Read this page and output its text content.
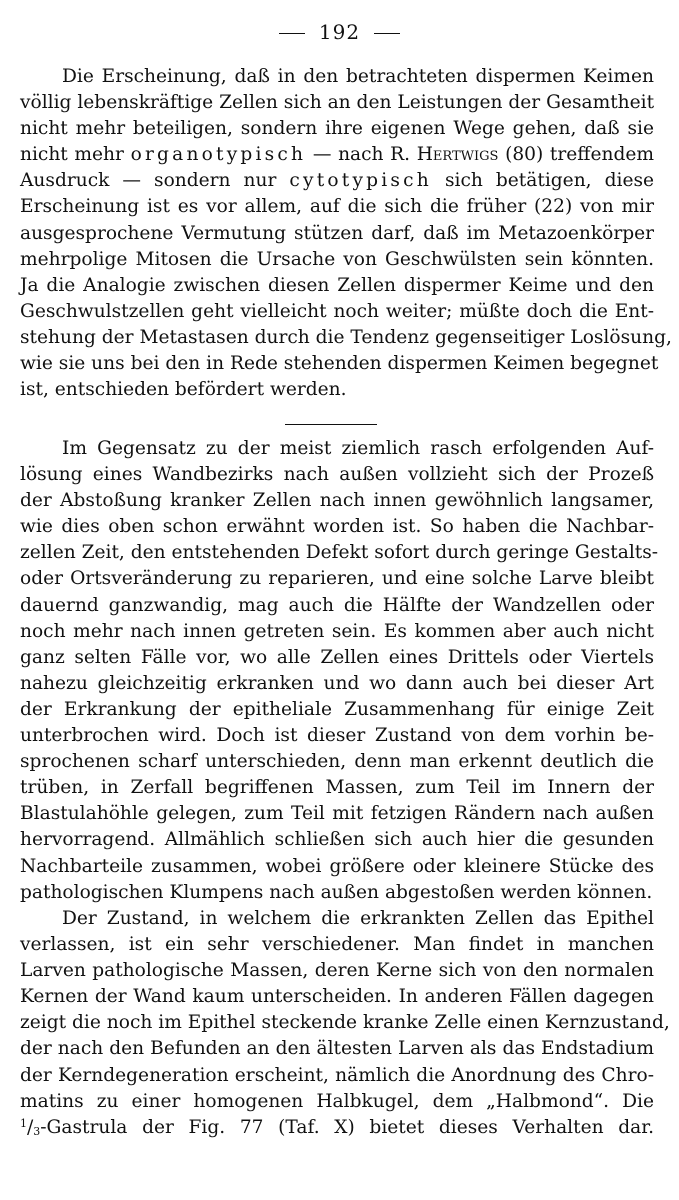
192
Die Erscheinung, daß in den betrachteten dispermen Keimen
völlig lebenskräftige Zellen sich an den Leistungen der Gesamtheit
nicht mehr beteiligen, sondern ihre eigenen Wege gehen, daß sie
nicht mehr organotypisch — nach R. Hertwigs (80) treffendem
Ausdruck — sondern nur cytotypisch sich betätigen, diese
Erscheinung ist es vor allem, auf die sich die früher (22) von mir
ausgesprochene Vermutung stützen darf, daß im Metazoenkörper
mehrpolige Mitosen die Ursache von Geschwülsten sein könnten.
Ja die Analogie zwischen diesen Zellen dispermer Keime und den
Geschwulstzellen geht vielleicht noch weiter; müßte doch die Ent-
stehung der Metastasen durch die Tendenz gegenseitiger Loslösung,
wie sie uns bei den in Rede stehenden dispermen Keimen begegnet
ist, entschieden befördert werden.
Im Gegensatz zu der meist ziemlich rasch erfolgenden Auf-
lösung eines Wandbezirks nach außen vollzieht sich der Prozeß
der Abstoßung kranker Zellen nach innen gewöhnlich langsamer,
wie dies oben schon erwähnt worden ist. So haben die Nachbar-
zellen Zeit, den entstehenden Defekt sofort durch geringe Gestalts-
oder Ortsveränderung zu reparieren, und eine solche Larve bleibt
dauernd ganzwandig, mag auch die Hälfte der Wandzellen oder
noch mehr nach innen getreten sein. Es kommen aber auch nicht
ganz selten Fälle vor, wo alle Zellen eines Drittels oder Viertels
nahezu gleichzeitig erkranken und wo dann auch bei dieser Art
der Erkrankung der epitheliale Zusammenhang für einige Zeit
unterbrochen wird. Doch ist dieser Zustand von dem vorhin be-
sprochenen scharf unterschieden, denn man erkennt deutlich die
trüben, in Zerfall begriffenen Massen, zum Teil im Innern der
Blastulahöhle gelegen, zum Teil mit fetzigen Rändern nach außen
hervorragend. Allmählich schließen sich auch hier die gesunden
Nachbarteile zusammen, wobei größere oder kleinere Stücke des
pathologischen Klumpens nach außen abgestoßen werden können.
Der Zustand, in welchem die erkrankten Zellen das Epithel
verlassen, ist ein sehr verschiedener. Man findet in manchen
Larven pathologische Massen, deren Kerne sich von den normalen
Kernen der Wand kaum unterscheiden. In anderen Fällen dagegen
zeigt die noch im Epithel steckende kranke Zelle einen Kernzustand,
der nach den Befunden an den ältesten Larven als das Endstadium
der Kerndegeneration erscheint, nämlich die Anordnung des Chro-
matins zu einer homogenen Halbkugel, dem „Halbmond“. Die
$^1/_3$-Gastrula der Fig. 77 (Taf. X) bietet dieses Verhalten dar.
